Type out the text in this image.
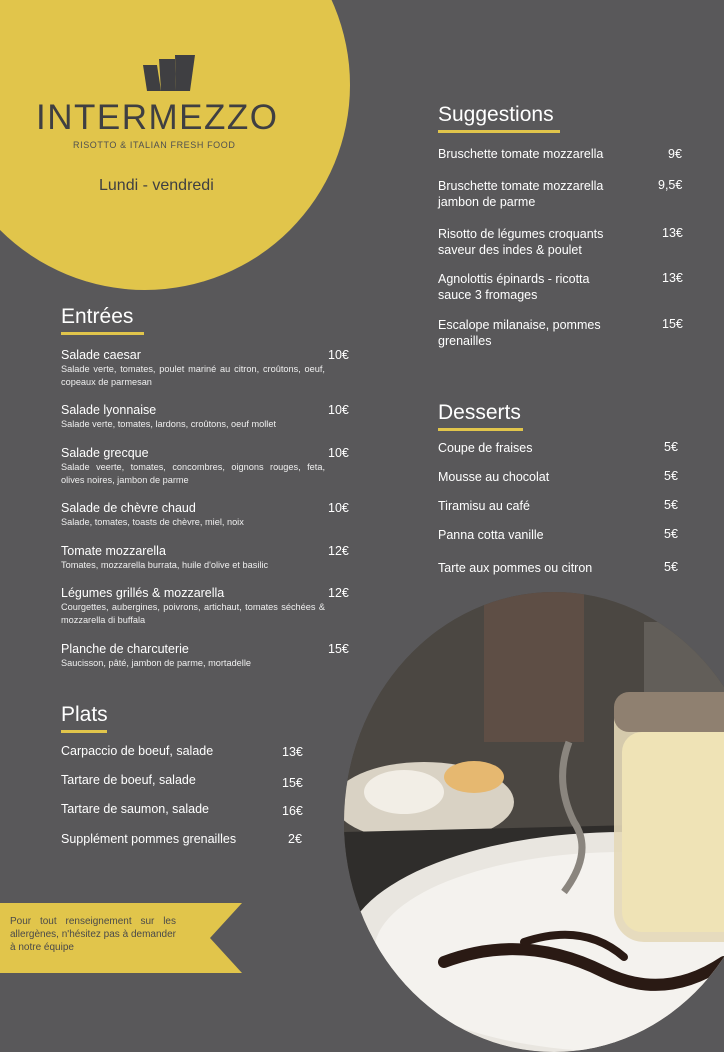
INTERMEZZO
RISOTTO & ITALIAN FRESH FOOD
Lundi - vendredi
Entrées
Salade caesar
Salade verte, tomates, poulet mariné au citron, croûtons, oeuf, copeaux de parmesan
10€
Salade lyonnaise
Salade verte, tomates, lardons, croûtons, oeuf mollet
10€
Salade grecque
Salade veerte, tomates, concombres, oignons rouges, feta, olives noires, jambon de parme
10€
Salade de chèvre chaud
Salade, tomates, toasts de chèvre, miel, noix
10€
Tomate mozzarella
Tomates, mozzarella burrata, huile d'olive et basilic
12€
Légumes grillés & mozzarella
Courgettes, aubergines, poivrons, artichaut, tomates séchées & mozzarella di buffala
12€
Planche de charcuterie
Saucisson, pâté, jambon de parme, mortadelle
15€
Plats
Carpaccio de boeuf, salade	13€
Tartare de boeuf, salade	15€
Tartare de saumon, salade	16€
Supplément pommes grenailles	2€
Suggestions
Bruschette tomate mozzarella	9€
Bruschette tomate mozzarella
jambon de parme
9,5€
Risotto de légumes croquants
saveur des indes & poulet
13€
Agnolottis épinards - ricotta
sauce 3 fromages
13€
Escalope milanaise, pommes
grenailles
15€
Desserts
Coupe de fraises	5€
Mousse au chocolat	5€
Tiramisu au café	5€
Panna cotta vanille	5€
Tarte aux pommes ou citron	5€
Pour tout renseignement sur les allergènes, n'hésitez pas à demander à notre équipe
